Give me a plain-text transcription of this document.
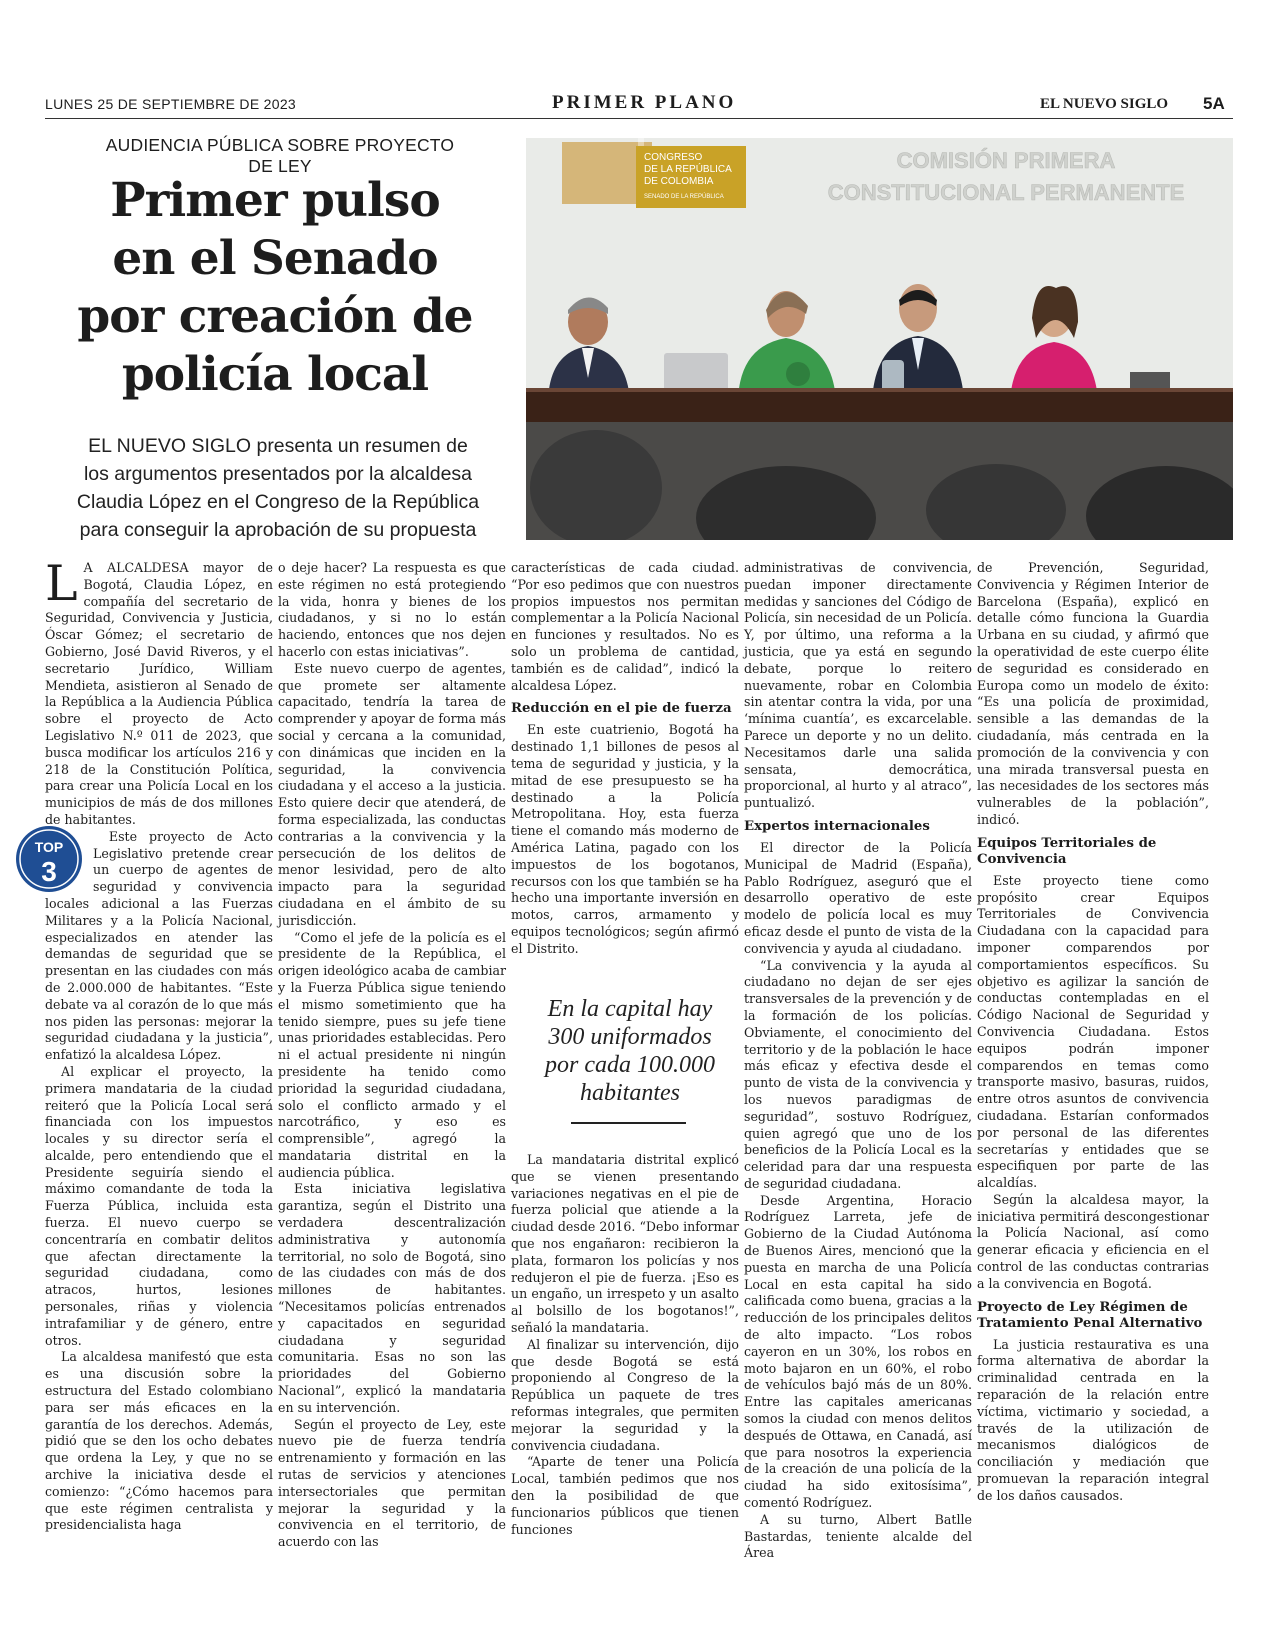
LUNES 25 DE SEPTIEMBRE DE 2023	PRIMER PLANO	EL NUEVO SIGLO 5A
AUDIENCIA PÚBLICA SOBRE PROYECTO DE LEY
Primer pulso
en el Senado
por creación de
policía local

EL NUEVO SIGLO presenta un resumen de
los argumentos presentados por la alcaldesa
Claudia López en el Congreso de la República
para conseguir la aprobación de su propuesta

CONGRESO
DE LA REPÚBLICA
DE COLOMBIA
SENADO DE LA REPÚBLICA
COMISIÓN PRIMERA
CONSTITUCIONAL PERMANENTE

L A ALCALDESA mayor de Bogotá, Claudia López, en compañía del secretario de Seguridad, Convivencia y Justicia, Óscar Gómez; el secretario de Gobierno, José David Riveros, y el secretario Jurídico, William Mendieta, asistieron al Senado de la República a la Audiencia Pública sobre el proyecto de Acto Legislativo N.º 011 de 2023, que busca modificar los artículos 216 y 218 de la Constitución Política, para crear una Policía Local en los municipios de más de dos millones de habitantes.

TOP
3
Este proyecto de Acto Legislativo pretende crear un cuerpo de agentes de seguridad y convivencia locales adicional a las Fuerzas Militares y a la Policía Nacional, especializados en atender las demandas de seguridad que se presentan en las ciudades con más de 2.000.000 de habitantes. “Este debate va al corazón de lo que más nos piden las personas: mejorar la seguridad ciudadana y la justicia”, enfatizó la alcaldesa López.

Al explicar el proyecto, la primera mandataria de la ciudad reiteró que la Policía Local será financiada con los impuestos locales y su director sería el alcalde, pero entendiendo que el Presidente seguiría siendo el máximo comandante de toda la Fuerza Pública, incluida esta fuerza. El nuevo cuerpo se concentraría en combatir delitos que afectan directamente la seguridad ciudadana, como atracos, hurtos, lesiones personales, riñas y violencia intrafamiliar y de género, entre otros.

La alcaldesa manifestó que esta es una discusión sobre la estructura del Estado colombiano para ser más eficaces en la garantía de los derechos. Además, pidió que se den los ocho debates que ordena la Ley, y que no se archive la iniciativa desde el comienzo: “¿Cómo hacemos para que este régimen centralista y presidencialista haga

o deje hacer? La respuesta es que este régimen no está protegiendo la vida, honra y bienes de los ciudadanos, y si no lo están haciendo, entonces que nos dejen hacerlo con estas iniciativas”.

Este nuevo cuerpo de agentes, que promete ser altamente capacitado, tendría la tarea de comprender y apoyar de forma más social y cercana a la comunidad, con dinámicas que inciden en la seguridad, la convivencia ciudadana y el acceso a la justicia. Esto quiere decir que atenderá, de forma especializada, las conductas contrarias a la convivencia y la persecución de los delitos de menor lesividad, pero de alto impacto para la seguridad ciudadana en el ámbito de su jurisdicción.

“Como el jefe de la policía es el presidente de la República, el origen ideológico acaba de cambiar y la Fuerza Pública sigue teniendo el mismo sometimiento que ha tenido siempre, pues su jefe tiene unas prioridades establecidas. Pero ni el actual presidente ni ningún presidente ha tenido como prioridad la seguridad ciudadana, solo el conflicto armado y el narcotráfico, y eso es comprensible”, agregó la mandataria distrital en la audiencia pública.

Esta iniciativa legislativa garantiza, según el Distrito una verdadera descentralización administrativa y autonomía territorial, no solo de Bogotá, sino de las ciudades con más de dos millones de habitantes. “Necesitamos policías entrenados y capacitados en seguridad ciudadana y seguridad comunitaria. Esas no son las prioridades del Gobierno Nacional”, explicó la mandataria en su intervención.

Según el proyecto de Ley, este nuevo pie de fuerza tendría entrenamiento y formación en las rutas de servicios y atenciones intersectoriales que permitan mejorar la seguridad y la convivencia en el territorio, de acuerdo con las

características de cada ciudad. “Por eso pedimos que con nuestros propios impuestos nos permitan complementar a la Policía Nacional en funciones y resultados. No es solo un problema de cantidad, también es de calidad”, indicó la alcaldesa López.

Reducción en el pie de fuerza

En este cuatrienio, Bogotá ha destinado 1,1 billones de pesos al tema de seguridad y justicia, y la mitad de ese presupuesto se ha destinado a la Policía Metropolitana. Hoy, esta fuerza tiene el comando más moderno de América Latina, pagado con los impuestos de los bogotanos, recursos con los que también se ha hecho una importante inversión en motos, carros, armamento y equipos tecnológicos; según afirmó el Distrito.

En la capital hay 300 uniformados por cada 100.000 habitantes

La mandataria distrital explicó que se vienen presentando variaciones negativas en el pie de fuerza policial que atiende a la ciudad desde 2016. “Debo informar que nos engañaron: recibieron la plata, formaron los policías y nos redujeron el pie de fuerza. ¡Eso es un engaño, un irrespeto y un asalto al bolsillo de los bogotanos!”, señaló la mandataria.

Al finalizar su intervención, dijo que desde Bogotá se está proponiendo al Congreso de la República un paquete de tres reformas integrales, que permiten mejorar la seguridad y la convivencia ciudadana.

“Aparte de tener una Policía Local, también pedimos que nos den la posibilidad de que funcionarios públicos que tienen funciones

administrativas de convivencia, puedan imponer directamente medidas y sanciones del Código de Policía, sin necesidad de un Policía. Y, por último, una reforma a la justicia, que ya está en segundo debate, porque lo reitero nuevamente, robar en Colombia sin atentar contra la vida, por una ‘mínima cuantía’, es excarcelable. Parece un deporte y no un delito. Necesitamos darle una salida sensata, democrática, proporcional, al hurto y al atraco”, puntualizó.

Expertos internacionales

El director de la Policía Municipal de Madrid (España), Pablo Rodríguez, aseguró que el desarrollo operativo de este modelo de policía local es muy eficaz desde el punto de vista de la convivencia y ayuda al ciudadano.

“La convivencia y la ayuda al ciudadano no dejan de ser ejes transversales de la prevención y de la formación de los policías. Obviamente, el conocimiento del territorio y de la población le hace más eficaz y efectiva desde el punto de vista de la convivencia y los nuevos paradigmas de seguridad”, sostuvo Rodríguez, quien agregó que uno de los beneficios de la Policía Local es la celeridad para dar una respuesta de seguridad ciudadana.

Desde Argentina, Horacio Rodríguez Larreta, jefe de Gobierno de la Ciudad Autónoma de Buenos Aires, mencionó que la puesta en marcha de una Policía Local en esta capital ha sido calificada como buena, gracias a la reducción de los principales delitos de alto impacto. “Los robos cayeron en un 30%, los robos en moto bajaron en un 60%, el robo de vehículos bajó más de un 80%. Entre las capitales americanas somos la ciudad con menos delitos después de Ottawa, en Canadá, así que para nosotros la experiencia de la creación de una policía de la ciudad ha sido exitosísima”, comentó Rodríguez.

A su turno, Albert Batlle Bastardas, teniente alcalde del Área

de Prevención, Seguridad, Convivencia y Régimen Interior de Barcelona (España), explicó en detalle cómo funciona la Guardia Urbana en su ciudad, y afirmó que la operatividad de este cuerpo élite de seguridad es considerado en Europa como un modelo de éxito: “Es una policía de proximidad, sensible a las demandas de la ciudadanía, más centrada en la promoción de la convivencia y con una mirada transversal puesta en las necesidades de los sectores más vulnerables de la población”, indicó.

Equipos Territoriales de Convivencia

Este proyecto tiene como propósito crear Equipos Territoriales de Convivencia Ciudadana con la capacidad para imponer comparendos por comportamientos específicos. Su objetivo es agilizar la sanción de conductas contempladas en el Código Nacional de Seguridad y Convivencia Ciudadana. Estos equipos podrán imponer comparendos en temas como transporte masivo, basuras, ruidos, entre otros asuntos de convivencia ciudadana. Estarían conformados por personal de las diferentes secretarías y entidades que se especifiquen por parte de las alcaldías.

Según la alcaldesa mayor, la iniciativa permitirá descongestionar la Policía Nacional, así como generar eficacia y eficiencia en el control de las conductas contrarias a la convivencia en Bogotá.

Proyecto de Ley Régimen de Tratamiento Penal Alternativo

La justicia restaurativa es una forma alternativa de abordar la criminalidad centrada en la reparación de la relación entre víctima, victimario y sociedad, a través de la utilización de mecanismos dialógicos de conciliación y mediación que promuevan la reparación integral de los daños causados.
